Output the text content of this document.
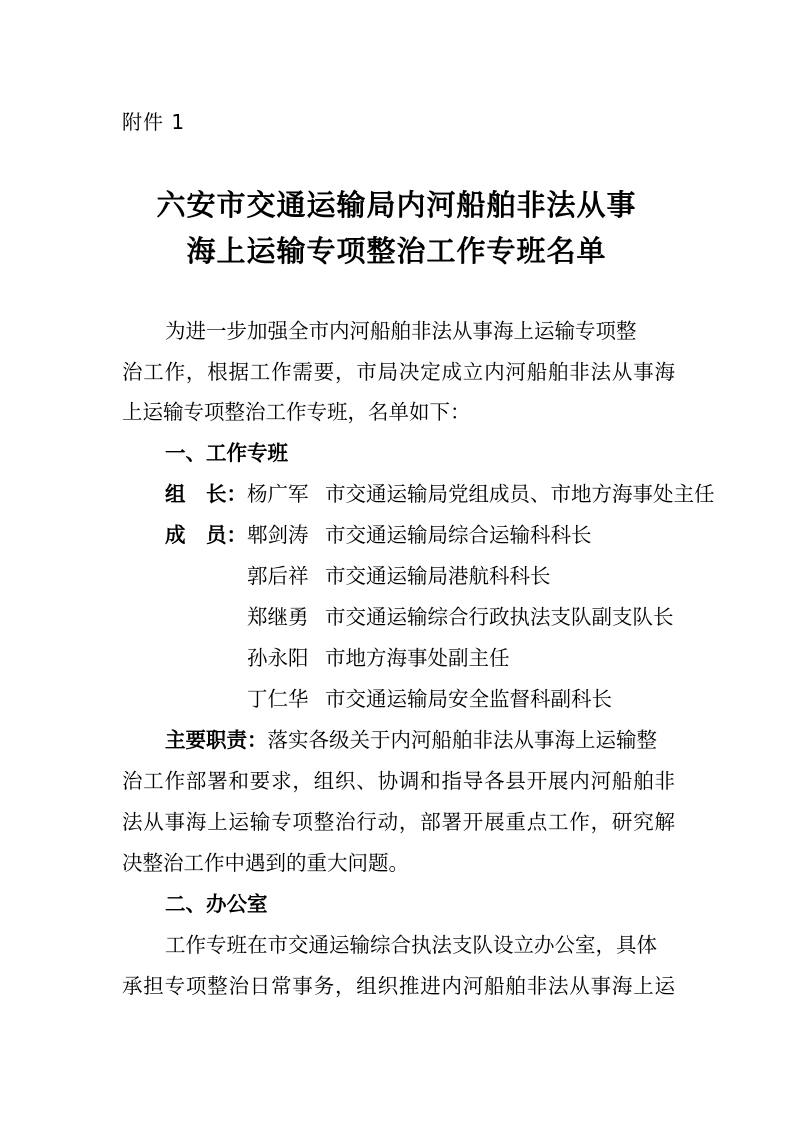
附件 1
六安市交通运输局内河船舶非法从事
海上运输专项整治工作专班名单
为进一步加强全市内河船舶非法从事海上运输专项整
治工作，根据工作需要，市局决定成立内河船舶非法从事海
上运输专项整治工作专班，名单如下：
一、工作专班
组　长：杨广军 市交通运输局党组成员、市地方海事处主任
成　员：郫剑涛 市交通运输局综合运输科科长
郭后祥 市交通运输局港航科科长
郑继勇 市交通运输综合行政执法支队副支队长
孙永阳 市地方海事处副主任
丁仁华 市交通运输局安全监督科副科长
主要职责：落实各级关于内河船舶非法从事海上运输整
治工作部署和要求，组织、协调和指导各县开展内河船舶非
法从事海上运输专项整治行动，部署开展重点工作，研究解
决整治工作中遇到的重大问题。
二、办公室
工作专班在市交通运输综合执法支队设立办公室，具体
承担专项整治日常事务，组织推进内河船舶非法从事海上运
